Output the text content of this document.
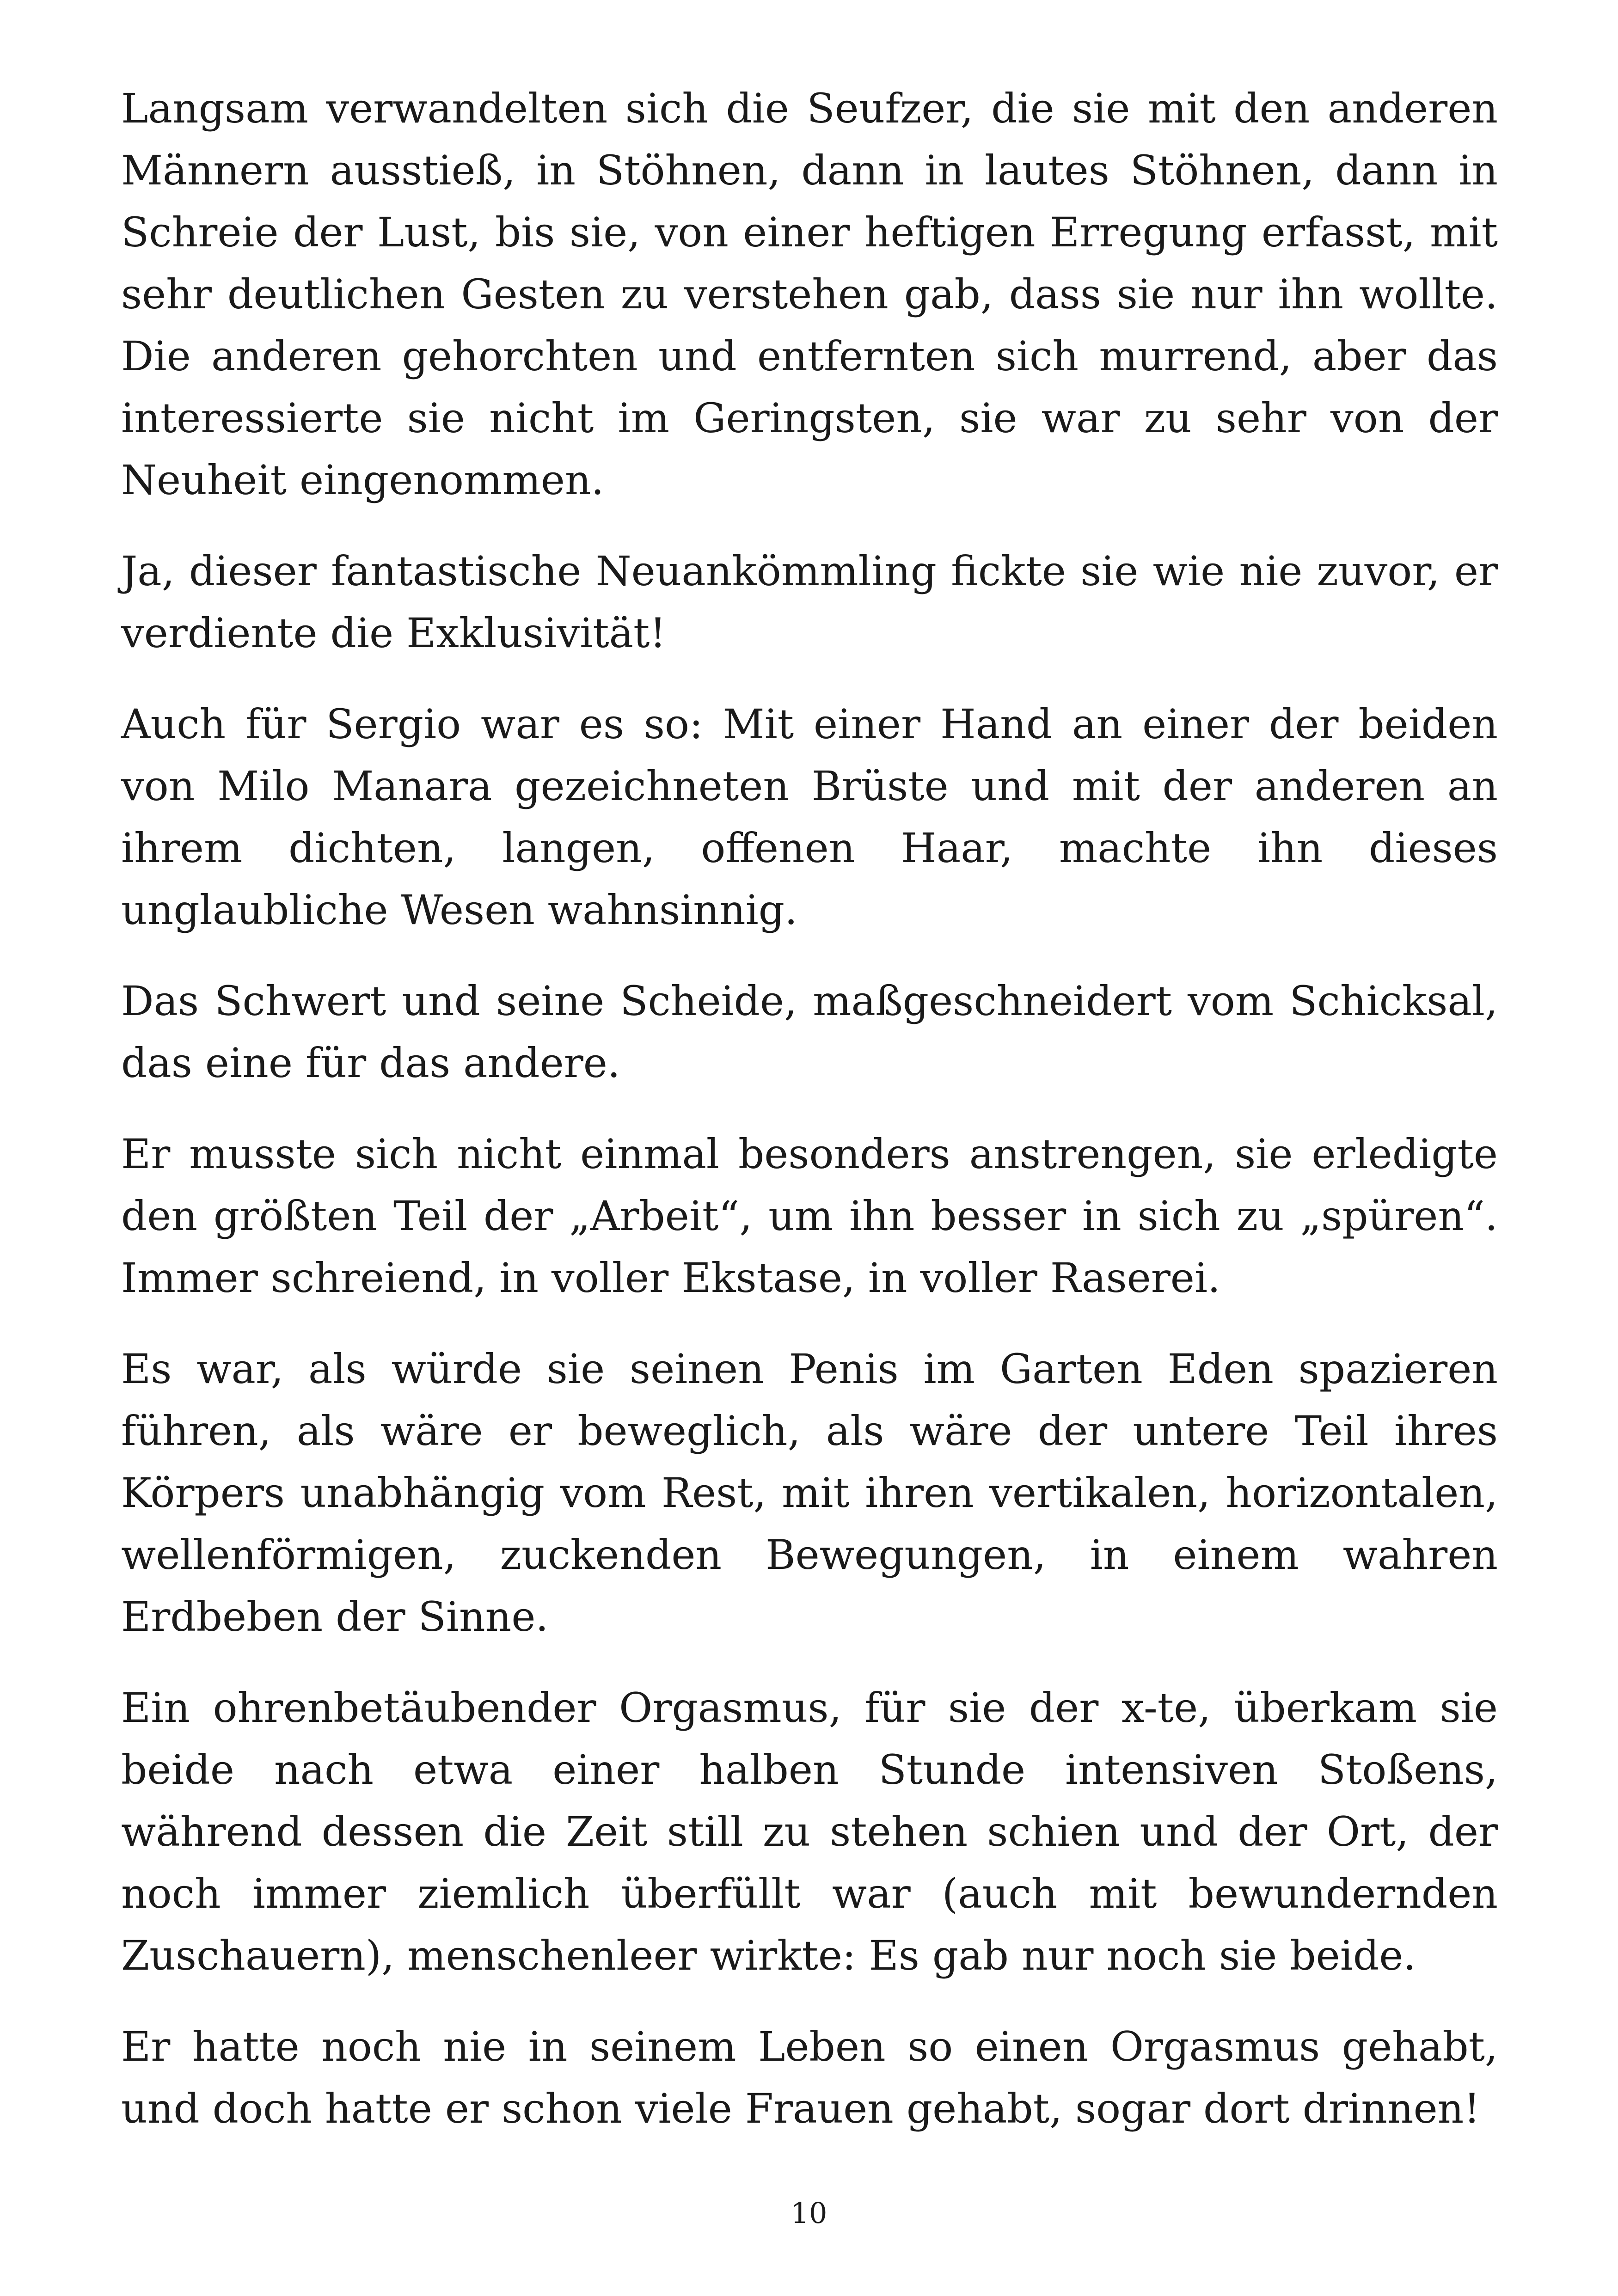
Langsam verwandelten sich die Seufzer, die sie mit den anderen Männern ausstieß, in Stöhnen, dann in lautes Stöhnen, dann in Schreie der Lust, bis sie, von einer heftigen Erregung erfasst, mit sehr deutlichen Gesten zu verstehen gab, dass sie nur ihn wollte. Die anderen gehorchten und entfernten sich murrend, aber das interessierte sie nicht im Geringsten, sie war zu sehr von der Neuheit eingenommen.

Ja, dieser fantastische Neuankömmling fickte sie wie nie zuvor, er verdiente die Exklusivität!

Auch für Sergio war es so: Mit einer Hand an einer der beiden von Milo Manara gezeichneten Brüste und mit der anderen an ihrem dichten, langen, offenen Haar, machte ihn dieses unglaubliche Wesen wahnsinnig.

Das Schwert und seine Scheide, maßgeschneidert vom Schicksal, das eine für das andere.

Er musste sich nicht einmal besonders anstrengen, sie erledigte den größten Teil der „Arbeit“, um ihn besser in sich zu „spüren“. Immer schreiend, in voller Ekstase, in voller Raserei.

Es war, als würde sie seinen Penis im Garten Eden spazieren führen, als wäre er beweglich, als wäre der untere Teil ihres Körpers unabhängig vom Rest, mit ihren vertikalen, horizontalen, wellenförmigen, zuckenden Bewegungen, in einem wahren Erdbeben der Sinne.

Ein ohrenbetäubender Orgasmus, für sie der x-te, überkam sie beide nach etwa einer halben Stunde intensiven Stoßens, während dessen die Zeit still zu stehen schien und der Ort, der noch immer ziemlich überfüllt war (auch mit bewundernden Zuschauern), menschenleer wirkte: Es gab nur noch sie beide.

Er hatte noch nie in seinem Leben so einen Orgasmus gehabt, und doch hatte er schon viele Frauen gehabt, sogar dort drinnen!

10
